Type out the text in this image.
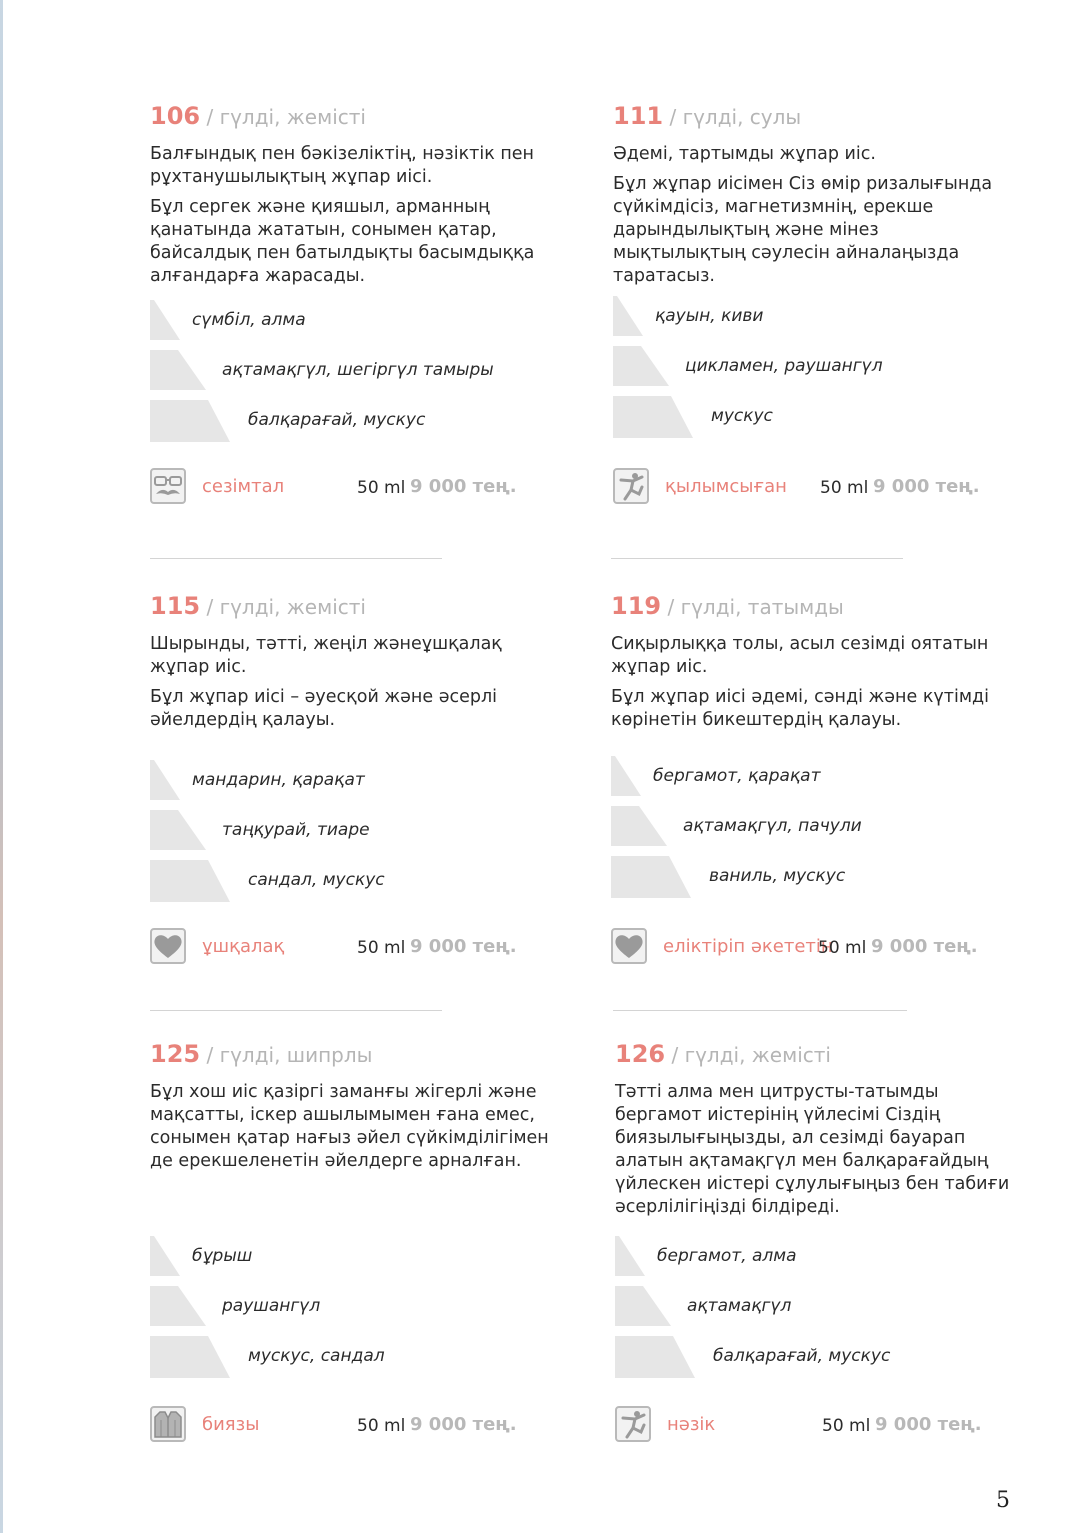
106 / гүлді, жемісті

Балғындық пен бәкізеліктің, нәзіктік пен рұхтанушылықтың жұпар иісі.

Бұл сергек және қияшыл, арманның қанатында жататын, сонымен қатар, байсалдық пен батылдықты басымдыққа алғандарға жарасады.

сүмбіл, алма
ақтамақгүл, шегіргүл тамыры
балқарағай, мускус
сезімтал	50 ml 9 000 тең.
111 / гүлді, сулы

Әдемі, тартымды жұпар иіс.

Бұл жұпар иісімен Сіз өмір ризалығында сүйкімдісіз, магнетизмнің, ерекше дарындылықтың және мінез мықтылықтың сәулесін айналаңызда таратасыз.

қауын, киви
цикламен, раушангүл
мускус
қылымсыған 50 ml 9 000 тең.
115 / гүлді, жемісті

Шырынды, тәтті, жеңіл жәнеұшқалақ жұпар иіс.

Бұл жұпар иісі – әуесқой және әсерлі әйелдердің қалауы.

мандарин, қарақат
таңқурай, тиаре
сандал, мускус
ұшқалақ	50 ml 9 000 тең.
119 / гүлді, татымды

Сиқырлыққа толы, асыл сезімді оятатын жұпар иіс.

Бұл жұпар иісі әдемі, сәнді және күтімді көрінетін бикештердің қалауы.

бергамот, қарақат
ақтамақгүл, пачули
ваниль, мускус
еліктіріп әкететін
50 ml 9 000 тең.
125 / гүлді, шипрлы

Бұл хош иіс қазіргі заманғы жігерлі және мақсатты, іскер ашылымымен ғана емес, сонымен қатар нағыз әйел сүйкімділігімен де ерекшеленетін әйелдерге арналған.

бұрыш
раушангүл
мускус, сандал
биязы	50 ml 9 000 тең.
126 / гүлді, жемісті

Тәтті алма мен цитрусты-татымды бергамот иістерінің үйлесімі Сіздің биязылығыңызды, ал сезімді бауарап алатын ақтамақгүл мен балқарағайдың үйлескен иістері сұлулығыңыз бен табиғи әсерлілігіңізді білдіреді.

бергамот, алма
ақтамақгүл
балқарағай, мускус
нәзік	50 ml 9 000 тең.
5
